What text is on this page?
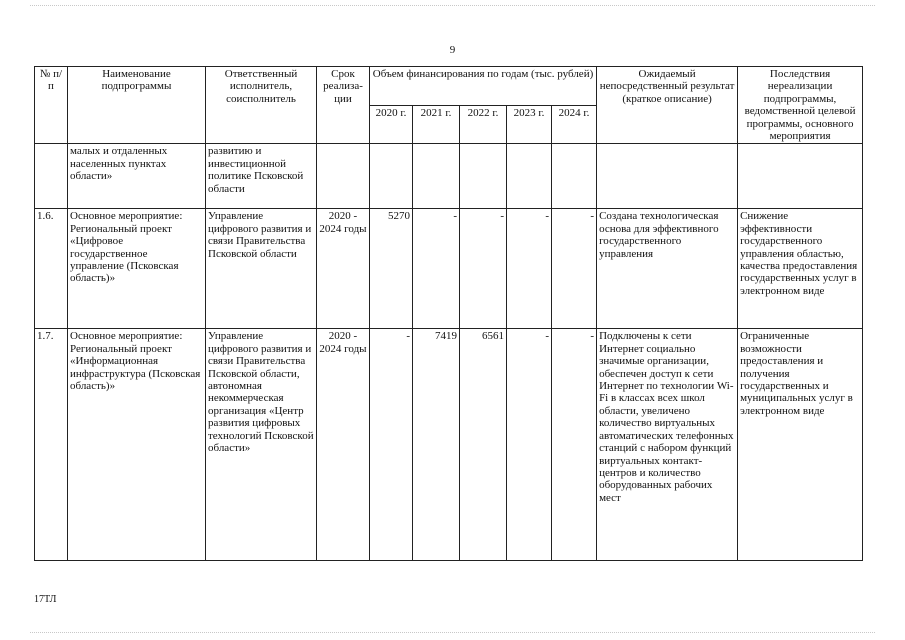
9
№ п/п	Наименование подпрограммы	Ответственный исполнитель, соисполнитель	Срок реализа-ции	Объем финансирования по годам (тыс. рублей)					Ожидаемый непосредственный результат (краткое описание)	Последствия нереализации подпрограммы, ведомственной целевой программы, основного мероприятия
				2020 г.	2021 г.	2022 г.	2023 г.	2024 г.		
	малых и отдаленных населенных пунктах области»	развитию и инвестиционной политике Псковской области								
1.6.	Основное мероприятие: Региональный проект «Цифровое государственное управление (Псковская область)»	Управление цифрового развития и связи Правительства Псковской области	2020 - 2024 годы	5270	-	-	-	-	Создана технологическая основа для эффективного государственного управления	Снижение эффективности государственного управления областью, качества предоставления государственных услуг в электронном виде
1.7.	Основное мероприятие: Региональный проект «Информационная инфраструктура (Псковская область)»	Управление цифрового развития и связи Правительства Псковской области, автономная некоммерческая организация «Центр развития цифровых технологий Псковской области»	2020 - 2024 годы	-	7419	6561	-	-	Подключены к сети Интернет социально значимые организации, обеспечен доступ к сети Интернет по технологии Wi-Fi в классах всех школ области, увеличено количество виртуальных автоматических телефонных станций с набором функций виртуальных контакт-центров и количество оборудованных рабочих мест	Ограниченные возможности предоставления и получения государственных и муниципальных услуг в электронном виде
17ТЛ
